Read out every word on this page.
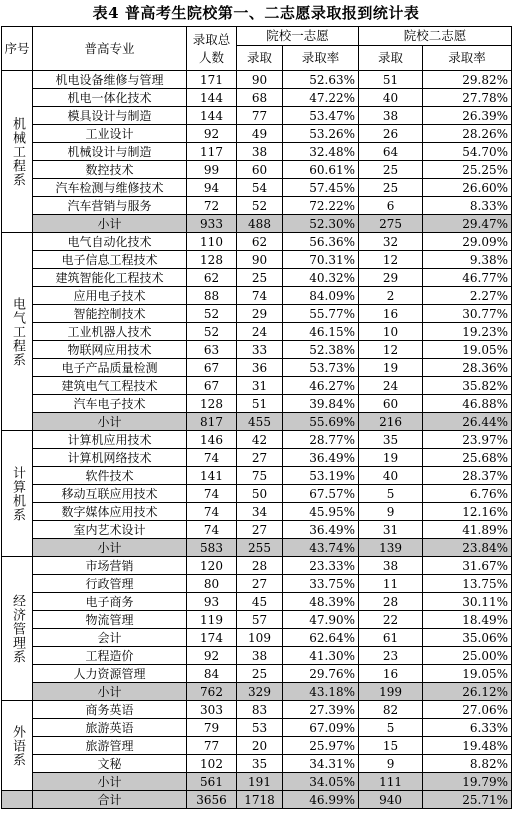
表4 普高考生院校第一、二志愿录取报到统计表
序号	普高专业	录取总人数	院校一志愿		院校二志愿	
			录取	录取率	录取	录取率
机械工程系	机电设备维修与管理	171	90	52.63%	51	29.82%
	机电一体化技术	144	68	47.22%	40	27.78%
	模具设计与制造	144	77	53.47%	38	26.39%
	工业设计	92	49	53.26%	26	28.26%
	机械设计与制造	117	38	32.48%	64	54.70%
	数控技术	99	60	60.61%	25	25.25%
	汽车检测与维修技术	94	54	57.45%	25	26.60%
	汽车营销与服务	72	52	72.22%	6	8.33%
	小计	933	488	52.30%	275	29.47%
电气工程系	电气自动化技术	110	62	56.36%	32	29.09%
	电子信息工程技术	128	90	70.31%	12	9.38%
	建筑智能化工程技术	62	25	40.32%	29	46.77%
	应用电子技术	88	74	84.09%	2	2.27%
	智能控制技术	52	29	55.77%	16	30.77%
	工业机器人技术	52	24	46.15%	10	19.23%
	物联网应用技术	63	33	52.38%	12	19.05%
	电子产品质量检测	67	36	53.73%	19	28.36%
	建筑电气工程技术	67	31	46.27%	24	35.82%
	汽车电子技术	128	51	39.84%	60	46.88%
	小计	817	455	55.69%	216	26.44%
计算机系	计算机应用技术	146	42	28.77%	35	23.97%
	计算机网络技术	74	27	36.49%	19	25.68%
	软件技术	141	75	53.19%	40	28.37%
	移动互联应用技术	74	50	67.57%	5	6.76%
	数字媒体应用技术	74	34	45.95%	9	12.16%
	室内艺术设计	74	27	36.49%	31	41.89%
	小计	583	255	43.74%	139	23.84%
经济管理系	市场营销	120	28	23.33%	38	31.67%
	行政管理	80	27	33.75%	11	13.75%
	电子商务	93	45	48.39%	28	30.11%
	物流管理	119	57	47.90%	22	18.49%
	会计	174	109	62.64%	61	35.06%
	工程造价	92	38	41.30%	23	25.00%
	人力资源管理	84	25	29.76%	16	19.05%
	小计	762	329	43.18%	199	26.12%
外语系	商务英语	303	83	27.39%	82	27.06%
	旅游英语	79	53	67.09%	5	6.33%
	旅游管理	77	20	25.97%	15	19.48%
	文秘	102	35	34.31%	9	8.82%
	小计	561	191	34.05%	111	19.79%
	合计	3656	1718	46.99%	940	25.71%
